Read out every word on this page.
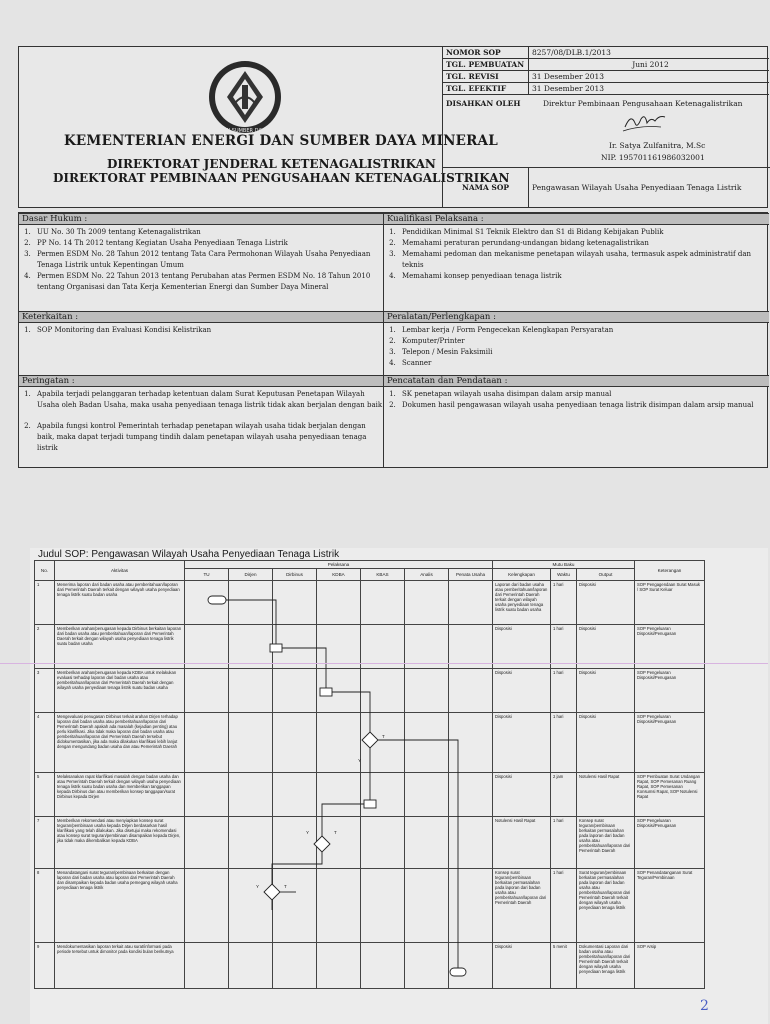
ENERGI DAN SUMBER DAYA MINERAL
KEMENTERIAN ENERGI DAN SUMBER DAYA MINERAL
DIREKTORAT JENDERAL KETENAGALISTRIKAN
DIREKTORAT PEMBINAAN PENGUSAHAAN KETENAGALISTRIKAN
NOMOR SOP	8257/08/DLB.1/2013
TGL. PEMBUATAN	Juni 2012
TGL. REVISI	31 Desember 2013
TGL. EFEKTIF	31 Desember 2013
DISAHKAN OLEH	Direktur Pembinaan Pengusahaan Ketenagalistrikan
Ir. Satya Zulfanitra, M.Sc
NIP. 195701161986032001
NAMA SOP	Pengawasan Wilayah Usaha Penyediaan Tenaga Listrik
Dasar Hukum :
1. UU No. 30 Th 2009 tentang Ketenagalistrikan
2. PP No. 14 Th 2012 tentang Kegiatan Usaha Penyediaan Tenaga Listrik
3. Permen ESDM No. 28 Tahun 2012 tentang Tata Cara Permohonan Wilayah Usaha Penyediaan Tenaga Listrik untuk Kepentingan Umum
4. Permen ESDM No. 22 Tahun 2013 tentang Perubahan atas Permen ESDM No. 18 Tahun 2010 tentang Organisasi dan Tata Kerja Kementerian Energi dan Sumber Daya Mineral
Keterkaitan :
1. SOP Monitoring dan Evaluasi Kondisi Kelistrikan
Peringatan :
1. Apabila terjadi pelanggaran terhadap ketentuan dalam Surat Keputusan Penetapan Wilayah Usaha oleh Badan Usaha, maka usaha penyediaan tenaga listrik tidak akan berjalan dengan baik
2. Apabila fungsi kontrol Pemerintah terhadap penetapan wilayah usaha tidak berjalan dengan baik, maka dapat terjadi tumpang tindih dalam penetapan wilayah usaha penyediaan tenaga listrik
Kualifikasi Pelaksana :
1. Pendidikan Minimal S1 Teknik Elektro dan S1 di Bidang Kebijakan Publik
2. Memahami peraturan perundang-undangan bidang ketenagalistrikan
3. Memahami pedoman dan mekanisme penetapan wilayah usaha, termasuk aspek administratif dan teknis
4. Memahami konsep penyediaan tenaga listrik
Peralatan/Perlengkapan :
1. Lembar kerja / Form Pengecekan Kelengkapan Persyaratan
2. Komputer/Printer
3. Telepon / Mesin Faksimili
4. Scanner
Pencatatan dan Pendataan :
1. SK penetapan wilayah usaha disimpan dalam arsip manual
2. Dokumen hasil pengawasan wilayah usaha penyediaan tenaga listrik disimpan dalam arsip manual
Judul SOP: Pengawasan Wilayah Usaha Penyediaan Tenaga Listrik
No.	Aktivitas	Pelaksana							Mutu Baku			Keterangan
		TU	Dirjen	Dirbinus	KDBA	KBAS	Analis	Penata Usaha	Kelengkapan	Waktu	Output	
1	Menerima laporan dari badan usaha atau pemberitahuan/laporan dari Pemerintah Daerah terkait dengan wilayah usaha penyediaan tenaga listrik suatu badan usaha								Laporan dari badan usaha atau pemberitahuan/laporan dari Pemerintah Daerah terkait dengan wilayah usaha penyediaan tenaga listrik suatu badan usaha	1 hari	Disposisi	SOP Pengagendaan Surat Masuk / SOP Surat Keluar
2	Memberikan arahan/penugasan kepada Dirbinus berkaitan laporan dari badan usaha atau pemberitahuan/laporan dari Pemerintah Daerah terkait dengan wilayah usaha penyediaan tenaga listrik suatu badan usaha								Disposisi	1 hari	Disposisi	SOP Pengeluaran Disposisi/Penugasan
3	Memberikan arahan/penugasan kepada KDBA untuk melakukan evaluasi terhadap laporan dari badan usaha atau pemberitahuan/laporan dari Pemerintah Daerah terkait dengan wilayah usaha penyediaan tenaga listrik suatu badan usaha								Disposisi	1 hari	Disposisi	SOP Pengeluaran Disposisi/Penugasan
4	Mengevaluasi penugasan Dirbinus terkait arahan Dirjen terhadap laporan dari badan usaha atau pemberitahuan/laporan dari Pemerintah Daerah apakah ada masalah (kejadian penting) atau perlu klarifikasi. Jika tidak maka laporan dari badan usaha atau pemberitahuan/laporan dari Pemerintah Daerah tersebut didokumentasikan, jika ada maka dilakukan klarifikasi lebih lanjut dengan mengundang badan usaha dan atau Pemerintah Daerah								Disposisi	1 hari	Disposisi	SOP Pengeluaran Disposisi/Penugasan
5	Melaksanakan rapat klarifikasi masalah dengan badan usaha dan atau Pemerintah Daerah terkait dengan wilayah usaha penyediaan tenaga listrik suatu badan usaha dan memberikan tanggapan kepada Dirbinus dan atau memberikan konsep tanggapan/surat Dirbinus kepada Dirjen								Disposisi	2 jam	Notulensi Hasil Rapat	SOP Pembuatan Surat Undangan Rapat, SOP Pemesanan Ruang Rapat, SOP Pemesanan Konsumsi Rapat, SOP Notulensi Rapat
7	Memberikan rekomendasi atau menyiapkan konsep surat teguran/pembinaan usaha kepada Dirjen berdasarkan hasil klarifikasi yang telah dilakukan. Jika disetujui maka rekomendasi atau konsep surat teguran/pembinaan disampaikan kepada Dirjen, jika tidak maka dikembalikan kepada KDBA								Notulensi Hasil Rapat	1 hari	Konsep surat teguran/pembinaan berkaitan permasalahan pada laporan dari badan usaha atau pemberitahuan/laporan dari Pemerintah Daerah	SOP Pengeluaran Disposisi/Penugasan
8	Menandatangani surat teguran/pembinaan berkaitan dengan laporan dari badan usaha atau laporan dari Pemerintah Daerah dan disampaikan kepada badan usaha pemegang wilayah usaha penyediaan tenaga listrik								Konsep surat teguran/pembinaan berkaitan permasalahan pada laporan dari badan usaha atau pemberitahuan/laporan dari Pemerintah Daerah	1 hari	Surat teguran/pembinaan berkaitan permasalahan pada laporan dari badan usaha atau pemberitahuan/laporan dari Pemerintah Daerah terkait dengan wilayah usaha penyediaan tenaga listrik	SOP Penandatanganan Surat Teguran/Pembinaan
9	Mendokumentasikan laporan terkait atau surat/informasi pada periode tersebut untuk dimonitor pada kondisi bulan berikutnya								Disposisi	5 menit	Dokumentasi Laporan dari badan usaha atau pemberitahuan/laporan dari Pemerintah Daerah terkait dengan wilayah usaha penyediaan tenaga listrik	SOP Arsip
T
Y
Y	T
Y	T
2
